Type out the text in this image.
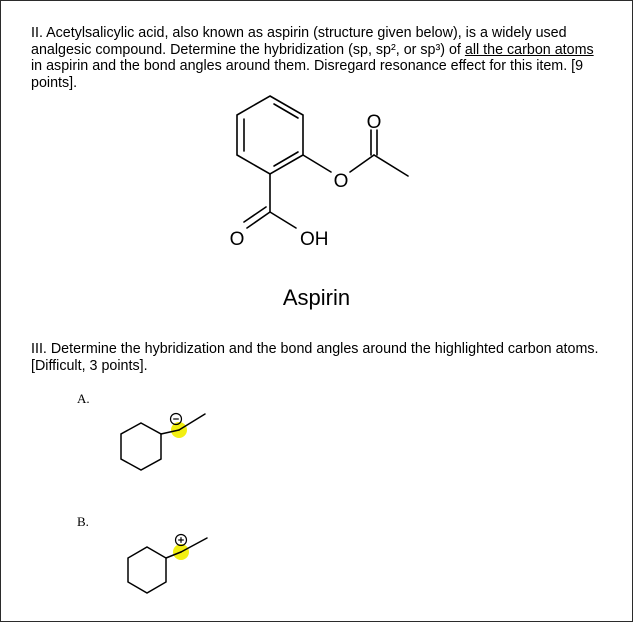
II. Acetylsalicylic acid, also known as aspirin (structure given below), is a widely used analgesic compound. Determine the hybridization (sp, sp², or sp³) of all the carbon atoms in aspirin and the bond angles around them. Disregard resonance effect for this item. [9 points].
O
O
O	OH
Aspirin
III. Determine the hybridization and the bond angles around the highlighted carbon atoms. [Difficult, 3 points].
A.
B.
